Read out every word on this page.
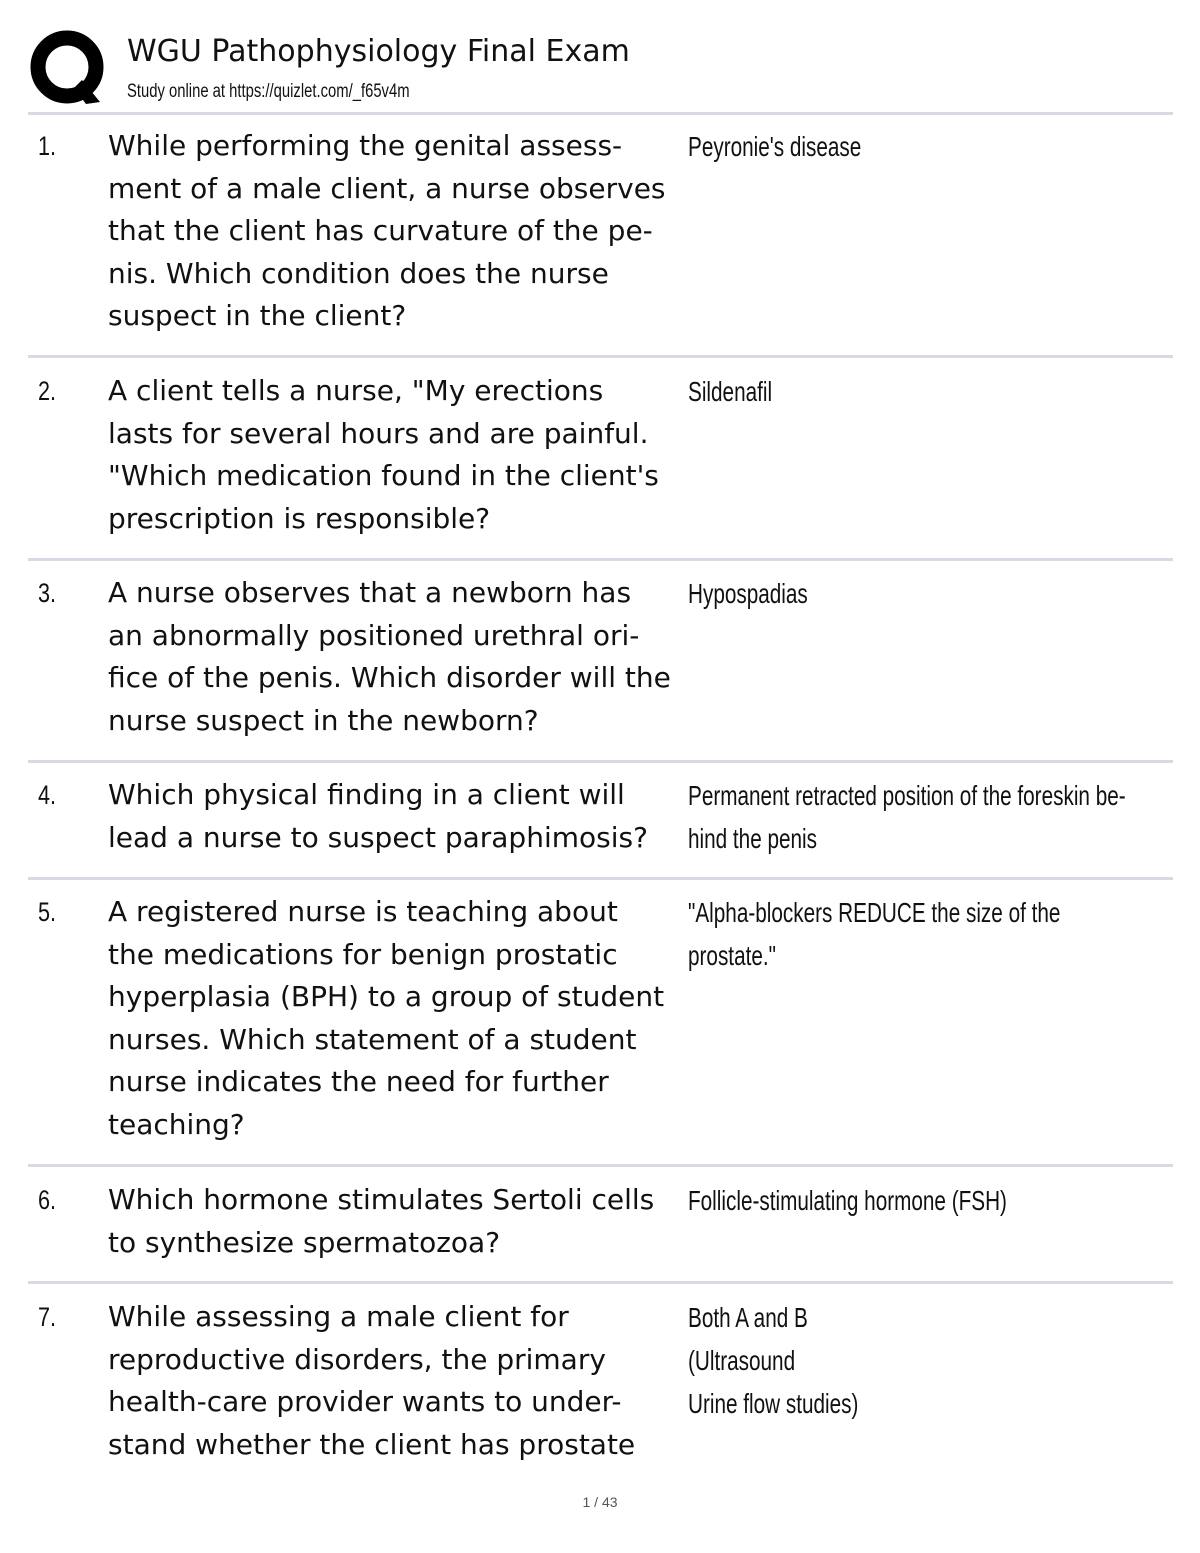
WGU Pathophysiology Final Exam
Study online at https://quizlet.com/_f65v4m
1. While performing the genital assess-
ment of a male client, a nurse observes
that the client has curvature of the pe-
nis. Which condition does the nurse
suspect in the client?
Peyronie's disease
2. A client tells a nurse, "My erections
lasts for several hours and are painful.
"Which medication found in the client's
prescription is responsible?
Sildenafil
3. A nurse observes that a newborn has
an abnormally positioned urethral ori-
fice of the penis. Which disorder will the
nurse suspect in the newborn?
Hypospadias
4. Which physical finding in a client will
lead a nurse to suspect paraphimosis?
Permanent retracted position of the foreskin be-
hind the penis
5. A registered nurse is teaching about
the medications for benign prostatic
hyperplasia (BPH) to a group of student
nurses. Which statement of a student
nurse indicates the need for further
teaching?
"Alpha-blockers REDUCE the size of the
prostate."
6. Which hormone stimulates Sertoli cells
to synthesize spermatozoa?
Follicle-stimulating hormone (FSH)
7. While assessing a male client for
reproductive disorders, the primary
health-care provider wants to under-
stand whether the client has prostate
Both A and B
(Ultrasound
Urine flow studies)
1 / 43
